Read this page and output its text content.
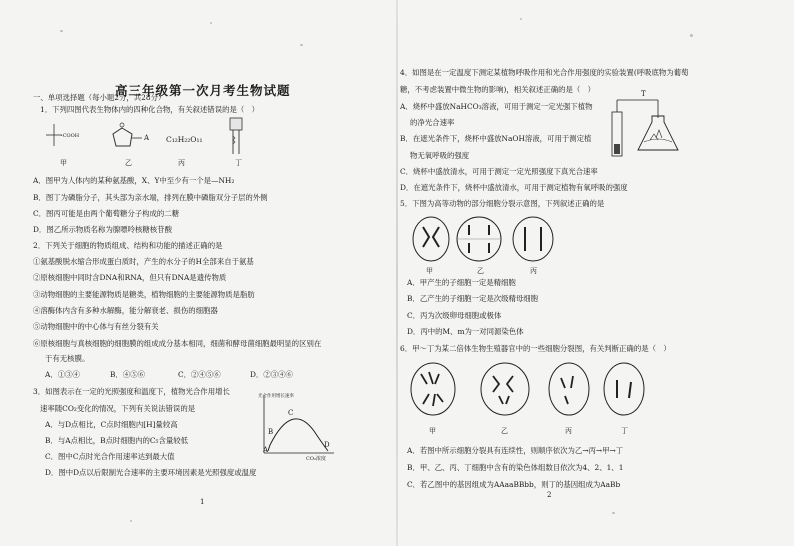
高三年级第一次月考生物试题
一、单项选择题（每小题2分，共28分）
1．下列四图代表生物体内的四种化合物，有关叙述错误的是（　）
-COOH	A C₁₂H₂₂O₁₁
甲	乙	丙	丁
A．图甲为人体内的某种氨基酸，X、Y中至少有一个是—NH₂
B．图丁为磷脂分子，其头部为亲水端，排列在膜中磷脂双分子层的外侧
C．图丙可能是由两个葡萄糖分子构成的二糖
D．图乙所示物质名称为腺嘌呤核糖核苷酸
2．下列关于细胞的物质组成、结构和功能的描述正确的是
①氨基酸脱水缩合形成蛋白质时，产生的水分子的H全部来自于氨基
②原核细胞中同时含DNA和RNA，但只有DNA是遗传物质
③动物细胞的主要能源物质是糖类，植物细胞的主要能源物质是脂肪
④溶酶体内含有多种水解酶，能分解衰老、损伤的细胞器
⑤动物细胞中的中心体与有丝分裂有关
⑥原核细胞与真核细胞的细胞膜的组成成分基本相同，细菌和酵母菌细胞最明显的区别在
于有无核膜。
A．①③④	B．④⑤⑥	C．②④⑤⑥	D．②③④⑥
3．如图表示在一定的光照强度和温度下，植物光合作用增长
速率随CO₂变化的情况，下列有关说法错误的是
A．与D点相比，C点时细胞内[H]量较高
B．与A点相比，B点时细胞内的C₅含量较低
C．图中C点时光合作用速率达到最大值
D．图中D点以后限制光合速率的主要环境因素是光照强度或温度
光合作用增长速率
CO₂浓度
A
B
C
D
1
4．如图是在一定温度下测定某植物呼吸作用和光合作用强度的实验装置(呼吸底物为葡萄
糖，不考虑装置中微生物的影响)，相关叙述正确的是（　）
A．烧杯中盛放NaHCO₃溶液，可用于测定一定光强下植物
的净光合速率
B．在遮光条件下，烧杯中盛放NaOH溶液，可用于测定植
物无氧呼吸的强度
C．烧杯中盛放清水，可用于测定一定光照强度下真光合速率
D．在遮光条件下，烧杯中盛放清水，可用于测定植物有氧呼吸的强度
T
5．下图为高等动物的部分细胞分裂示意图，下列叙述正确的是
甲	乙	丙
A．甲产生的子细胞一定是精细胞
B．乙产生的子细胞一定是次级精母细胞
C．丙为次级卵母细胞或极体
D．丙中的M、m为一对同源染色体
6．甲～丁为某二倍体生物生殖器官中的一些细胞分裂图，有关判断正确的是（　）
甲	乙	丙	丁
A．若图中所示细胞分裂具有连续性，则顺序依次为乙→丙→甲→丁
B．甲、乙、丙、丁细胞中含有的染色体组数目依次为4、2、1、1
C．若乙图中的基因组成为AAaaBBbb，则丁的基因组成为AaBb
2
